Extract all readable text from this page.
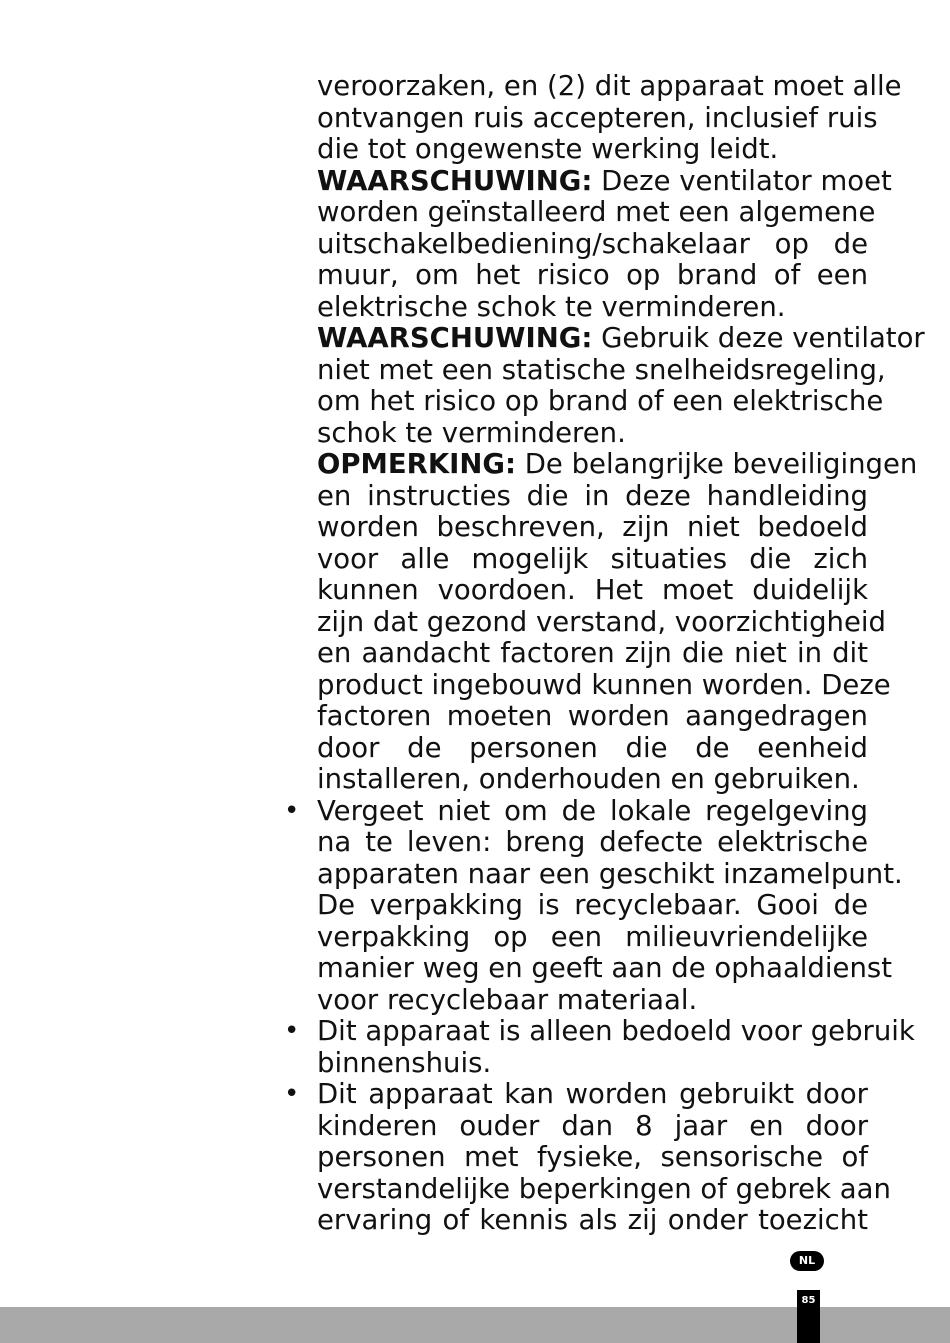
veroorzaken, en (2) dit apparaat moet alle
ontvangen ruis accepteren, inclusief ruis
die tot ongewenste werking leidt.
WAARSCHUWING: Deze ventilator moet
worden geïnstalleerd met een algemene
uitschakelbediening/schakelaar op de
muur, om het risico op brand of een
elektrische schok te verminderen.
WAARSCHUWING: Gebruik deze ventilator
niet met een statische snelheidsregeling,
om het risico op brand of een elektrische
schok te verminderen.
OPMERKING: De belangrijke beveiligingen
en instructies die in deze handleiding
worden beschreven, zijn niet bedoeld
voor alle mogelijk situaties die zich
kunnen voordoen. Het moet duidelijk
zijn dat gezond verstand, voorzichtigheid
en aandacht factoren zijn die niet in dit
product ingebouwd kunnen worden. Deze
factoren moeten worden aangedragen
door de personen die de eenheid
installeren, onderhouden en gebruiken.
• Vergeet niet om de lokale regelgeving
na te leven: breng defecte elektrische
apparaten naar een geschikt inzamelpunt.
De verpakking is recyclebaar. Gooi de
verpakking op een milieuvriendelijke
manier weg en geeft aan de ophaaldienst
voor recyclebaar materiaal.
• Dit apparaat is alleen bedoeld voor gebruik
binnenshuis.
• Dit apparaat kan worden gebruikt door
kinderen ouder dan 8 jaar en door
personen met fysieke, sensorische of
verstandelijke beperkingen of gebrek aan
ervaring of kennis als zij onder toezicht
NL
85
